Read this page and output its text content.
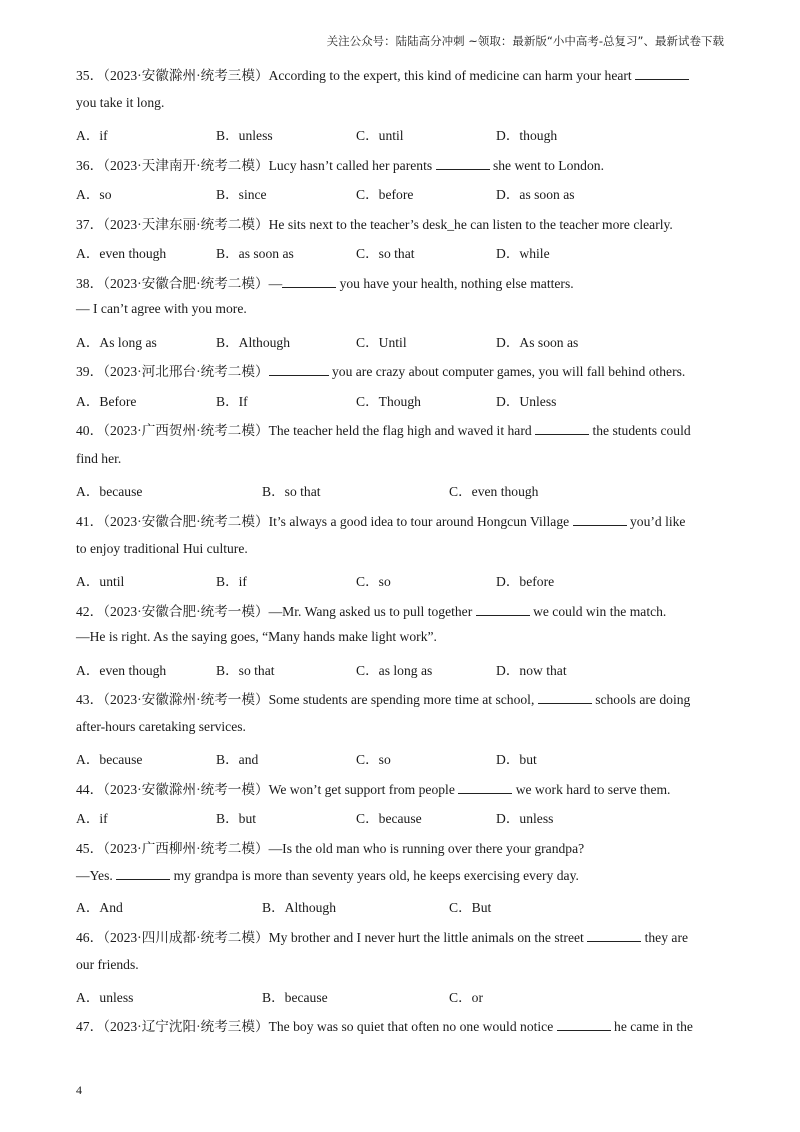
关注公众号：陆陆高分冲刺 ~领取：最新版“小中高考-总复习”、最新试卷下载
35．（2023·安徽滁州·统考三模）According to the expert, this kind of medicine can harm your heart
you take it long.
A．if	B．unless	C．until	D．though
36．（2023·天津南开·统考二模）Lucy hasn’t called her parents	she went to London.
A．so	B．since	C．before	D．as soon as
37．（2023·天津东丽·统考二模）He sits next to the teacher’s desk_he can listen to the teacher more clearly.
A．even though	B．as soon as	C．so that	D．while
38．（2023·安徽合肥·统考二模）—	you have your health, nothing else matters.
— I can’t agree with you more.
A．As long as	B．Although	C．Until	D．As soon as
39．（2023·河北邢台·统考二模）	you are crazy about computer games, you will fall behind others.
A．Before	B．If	C．Though	D．Unless
40．（2023·广西贺州·统考二模）The teacher held the flag high and waved it hard	the students could
find her.
A．because	B．so that	C．even though
41．（2023·安徽合肥·统考二模）It’s always a good idea to tour around Hongcun Village	you’d like
to enjoy traditional Hui culture.
A．until	B．if	C．so	D．before
42．（2023·安徽合肥·统考一模）—Mr. Wang asked us to pull together	we could win the match.
—He is right. As the saying goes, “Many hands make light work”.
A．even though	B．so that	C．as long as	D．now that
43．（2023·安徽滁州·统考一模）Some students are spending more time at school,	schools are doing
after-hours caretaking services.
A．because	B．and	C．so	D．but
44．（2023·安徽滁州·统考一模）We won’t get support from people	we work hard to serve them.
A．if	B．but	C．because	D．unless
45．（2023·广西柳州·统考二模）—Is the old man who is running over there your grandpa?
—Yes.	my grandpa is more than seventy years old, he keeps exercising every day.
A．And	B．Although	C．But
46．（2023·四川成都·统考二模）My brother and I never hurt the little animals on the street	they are
our friends.
A．unless	B．because	C．or
47．（2023·辽宁沈阳·统考三模）The boy was so quiet that often no one would notice	he came in the
4
